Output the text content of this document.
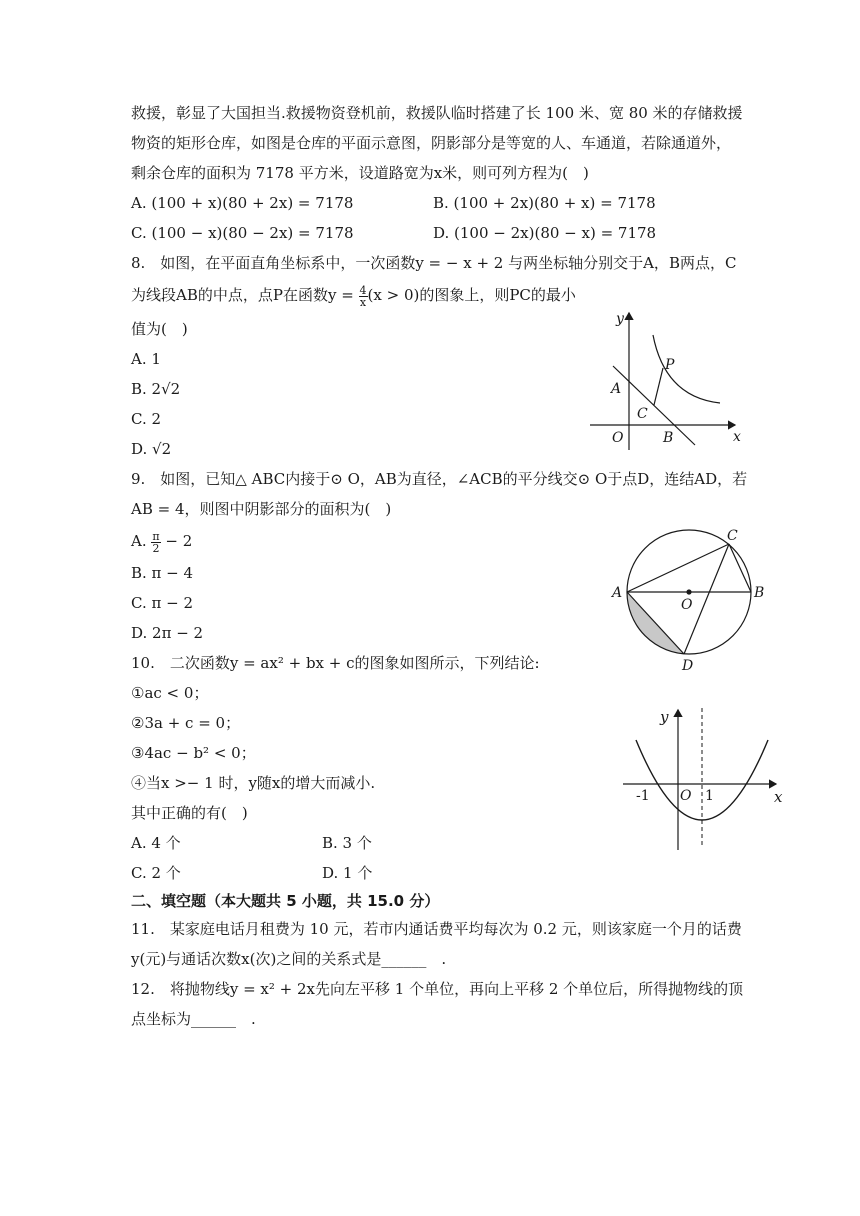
救援，彰显了大国担当.救援物资登机前，救援队临时搭建了长 100 米、宽 80 米的存储救援
物资的矩形仓库，如图是仓库的平面示意图，阴影部分是等宽的人、车通道，若除通道外，
剩余仓库的面积为 7178 平方米，设道路宽为x米，则可列方程为(　)
A. (100 + x)(80 + 2x) = 7178	B. (100 + 2x)(80 + x) = 7178
C. (100 − x)(80 − 2x) = 7178	D. (100 − 2x)(80 − x) = 7178
8.　如图，在平面直角坐标系中，一次函数y = − x + 2 与两坐标轴分别交于A，B两点，C
为线段AB的中点，点P在函数$y = \frac{4}{x} (x > 0)$的图象上，则PC的最小
值为(　)
A. 1
B. 2√2
C. 2
D. √2
y
x
A
B
C
P
O
9.　如图，已知△ ABC内接于⊙ O，AB为直径，∠ACB的平分线交⊙ O于点D，连结AD，若
AB = 4，则图中阴影部分的面积为(　)
A. $\frac{\pi}{2} - 2$
B. π − 4
C. π − 2
D. 2π − 2
A	B
C
D
O
10.　二次函数y = ax² + bx + c的图象如图所示，下列结论:
①ac < 0；
②3a + c = 0；
③4ac − b² < 0；
④当x >− 1 时，y随x的增大而减小.
其中正确的有(　)
A. 4 个	B. 3 个
C. 2 个	D. 1 个
y
x
-1 O 1
二、填空题（本大题共 5 小题，共 15.0 分）
11.　某家庭电话月租费为 10 元，若市内通话费平均每次为 0.2 元，则该家庭一个月的话费
y(元)与通话次数x(次)之间的关系式是______　.
12.　将抛物线y = x² + 2x先向左平移 1 个单位，再向上平移 2 个单位后，所得抛物线的顶
点坐标为______　.
